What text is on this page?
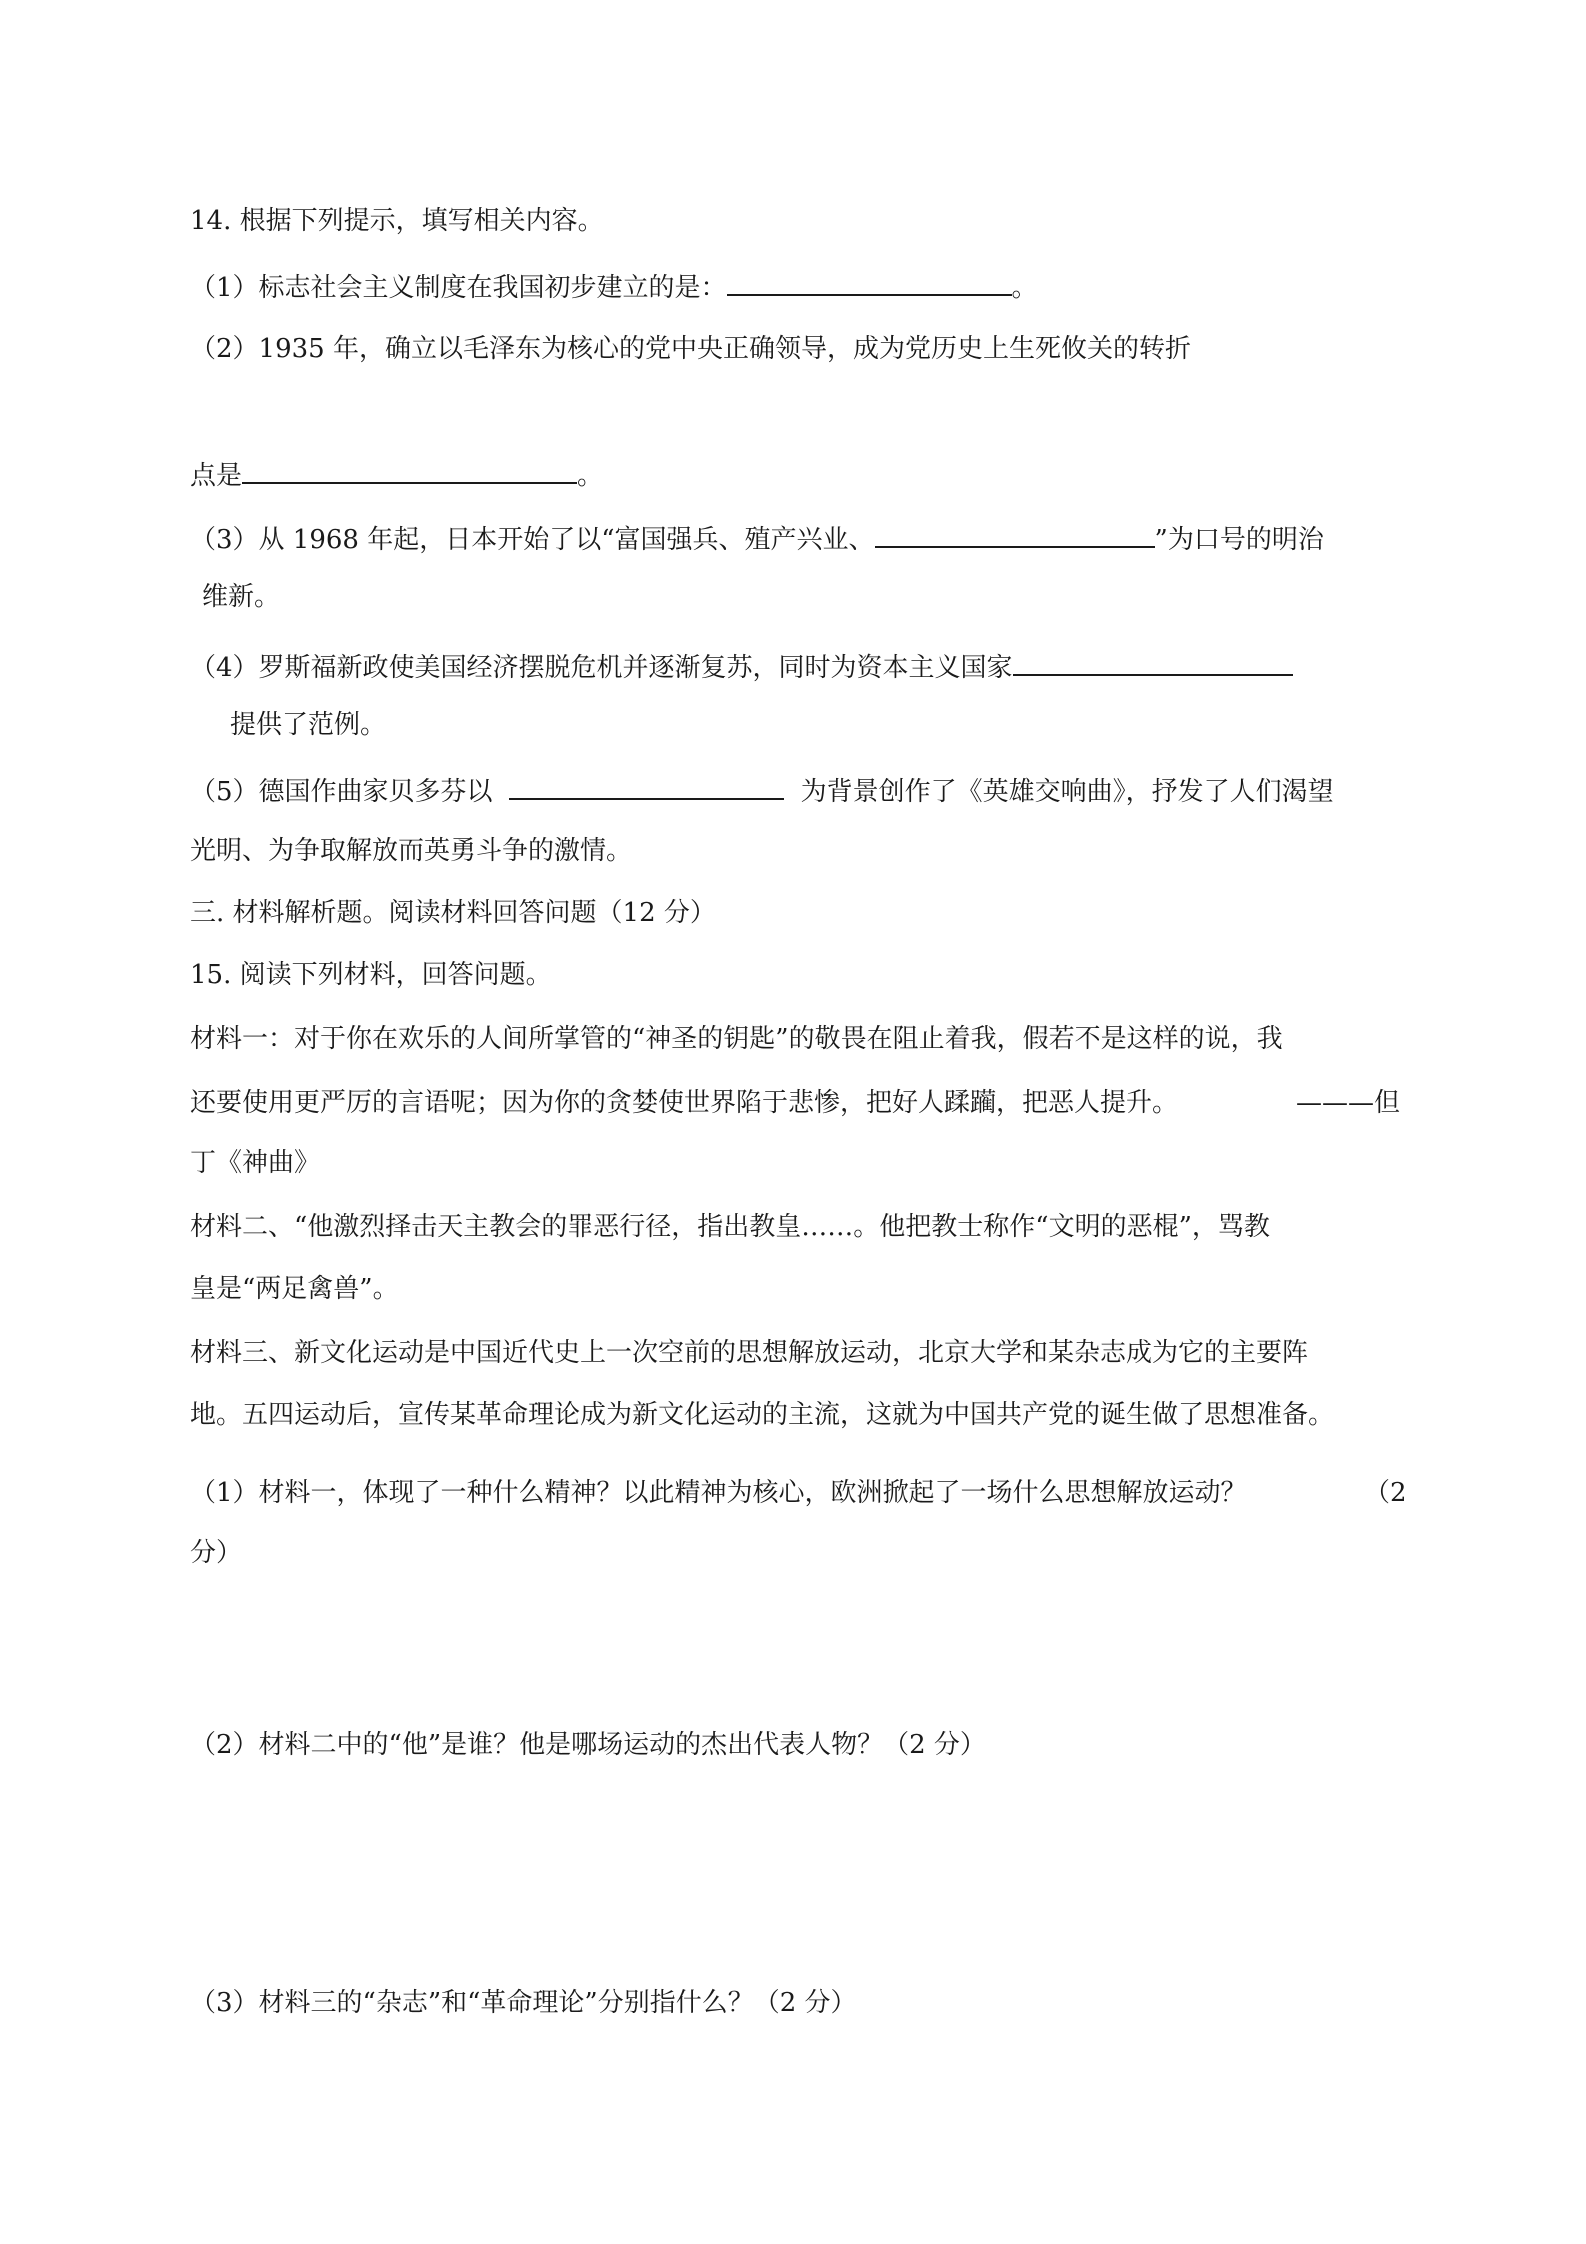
14. 根据下列提示，填写相关内容。

（1）标志社会主义制度在我国初步建立的是：	。

（2）1935 年，确立以毛泽东为核心的党中央正确领导，成为党历史上生死攸关的转折

点是	。

（3）从 1968 年起，日本开始了以“富国强兵、殖产兴业、	”为口号的明治

维新。

（4）罗斯福新政使美国经济摆脱危机并逐渐复苏，同时为资本主义国家

提供了范例。

（5）德国作曲家贝多芬以	为背景创作了《英雄交响曲》，抒发了人们渴望

光明、为争取解放而英勇斗争的激情。

三. 材料解析题。阅读材料回答问题（12 分）

15. 阅读下列材料，回答问题。

材料一：对于你在欢乐的人间所掌管的“神圣的钥匙”的敬畏在阻止着我，假若不是这样的说，我

还要使用更严厉的言语呢；因为你的贪婪使世界陷于悲惨，把好人蹂躏，把恶人提升。	———但

丁《神曲》

材料二、“他激烈择击天主教会的罪恶行径，指出教皇……。他把教士称作“文明的恶棍”，骂教

皇是“两足禽兽”。

材料三、新文化运动是中国近代史上一次空前的思想解放运动，北京大学和某杂志成为它的主要阵

地。五四运动后，宣传某革命理论成为新文化运动的主流，这就为中国共产党的诞生做了思想准备。

（1）材料一，体现了一种什么精神？以此精神为核心，欧洲掀起了一场什么思想解放运动？	（2

分）

（2）材料二中的“他”是谁？他是哪场运动的杰出代表人物？（2 分）

（3）材料三的“杂志”和“革命理论”分别指什么？（2 分）
